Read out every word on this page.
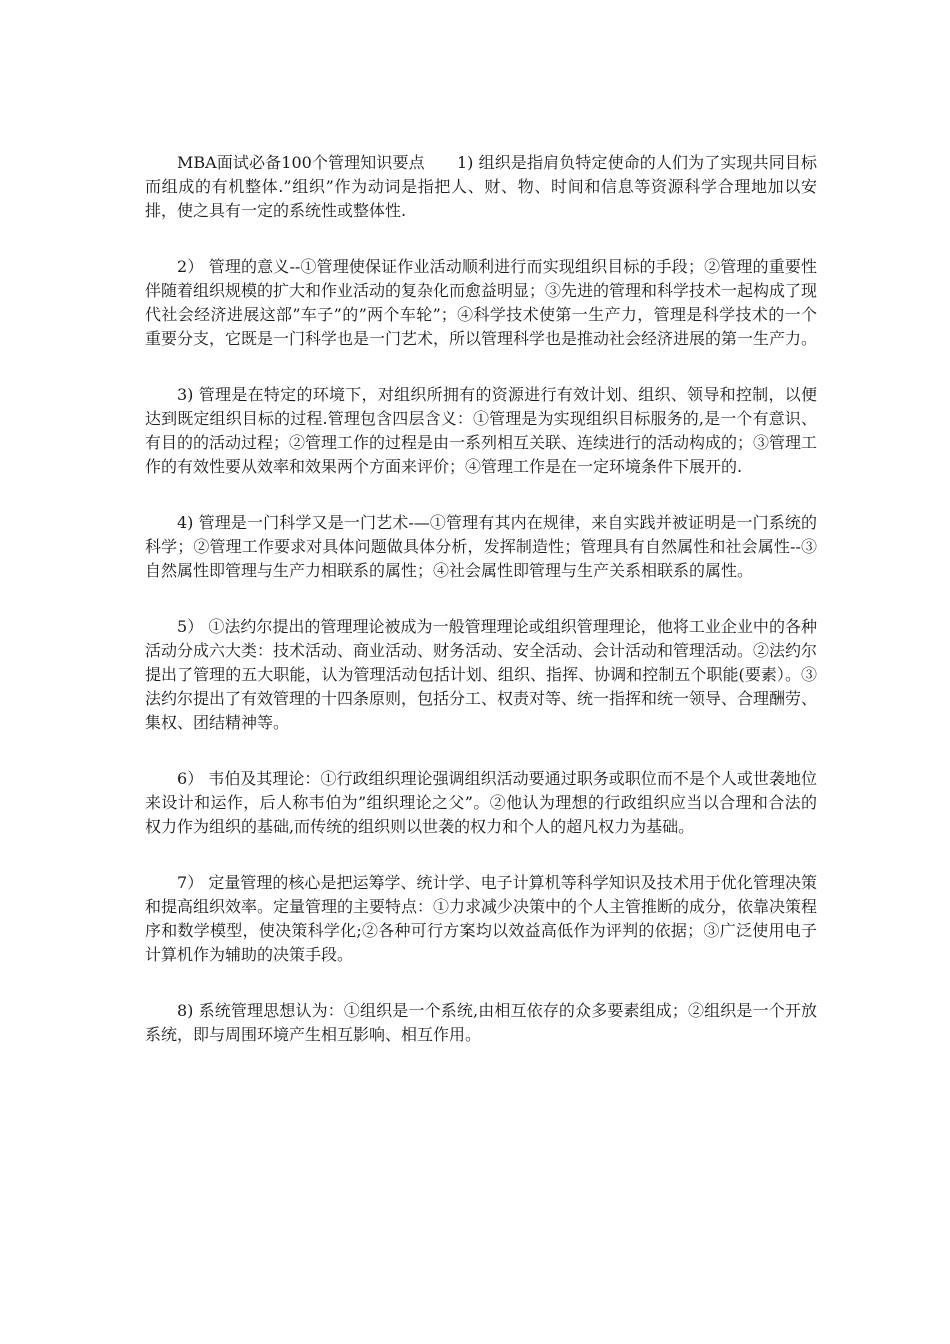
MBA面试必备100个管理知识要点　　1) 组织是指肩负特定使命的人们为了实现共同目标而组成的有机整体.”组织”作为动词是指把人、财、物、时间和信息等资源科学合理地加以安排，使之具有一定的系统性或整体性.

2） 管理的意义--①管理使保证作业活动顺利进行而实现组织目标的手段；②管理的重要性伴随着组织规模的扩大和作业活动的复杂化而愈益明显；③先进的管理和科学技术一起构成了现代社会经济进展这部”车子”的”两个车轮”；④科学技术使第一生产力，管理是科学技术的一个重要分支，它既是一门科学也是一门艺术，所以管理科学也是推动社会经济进展的第一生产力。

3) 管理是在特定的环境下，对组织所拥有的资源进行有效计划、组织、领导和控制，以便达到既定组织目标的过程.管理包含四层含义：①管理是为实现组织目标服务的,是一个有意识、有目的的活动过程；②管理工作的过程是由一系列相互关联、连续进行的活动构成的；③管理工作的有效性要从效率和效果两个方面来评价；④管理工作是在一定环境条件下展开的.

4) 管理是一门科学又是一门艺术-—①管理有其内在规律，来自实践并被证明是一门系统的科学；②管理工作要求对具体问题做具体分析，发挥制造性；管理具有自然属性和社会属性--③自然属性即管理与生产力相联系的属性；④社会属性即管理与生产关系相联系的属性。

5） ①法约尔提出的管理理论被成为一般管理理论或组织管理理论，他将工业企业中的各种活动分成六大类：技术活动、商业活动、财务活动、安全活动、会计活动和管理活动。②法约尔提出了管理的五大职能，认为管理活动包括计划、组织、指挥、协调和控制五个职能(要素）。③法约尔提出了有效管理的十四条原则，包括分工、权责对等、统一指挥和统一领导、合理酬劳、集权、团结精神等。

6） 韦伯及其理论：①行政组织理论强调组织活动要通过职务或职位而不是个人或世袭地位来设计和运作，后人称韦伯为”组织理论之父”。②他认为理想的行政组织应当以合理和合法的权力作为组织的基础,而传统的组织则以世袭的权力和个人的超凡权力为基础。

7） 定量管理的核心是把运筹学、统计学、电子计算机等科学知识及技术用于优化管理决策和提高组织效率。定量管理的主要特点：①力求减少决策中的个人主管推断的成分，依靠决策程序和数学模型，使决策科学化;②各种可行方案均以效益高低作为评判的依据；③广泛使用电子计算机作为辅助的决策手段。

8) 系统管理思想认为：①组织是一个系统,由相互依存的众多要素组成；②组织是一个开放系统，即与周围环境产生相互影响、相互作用。
